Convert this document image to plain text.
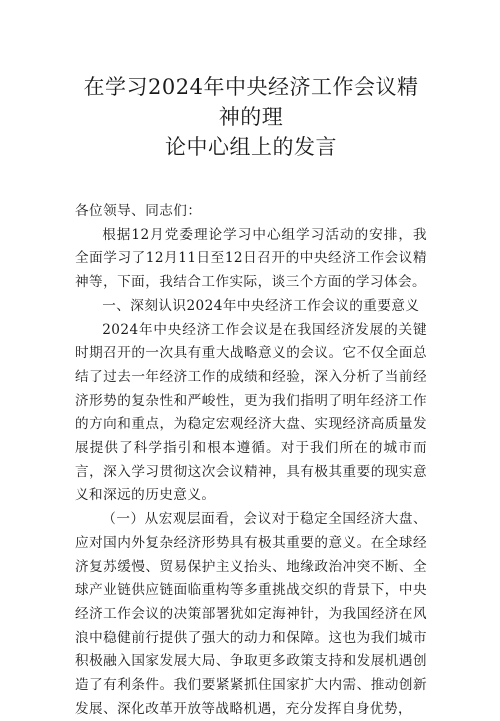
在学习2024年中央经济工作会议精神的理
论中心组上的发言

各位领导、同志们：

根据12月党委理论学习中心组学习活动的安排，我全面学习了12月11日至12日召开的中央经济工作会议精神等，下面，我结合工作实际，谈三个方面的学习体会。

一、深刻认识2024年中央经济工作会议的重要意义

2024年中央经济工作会议是在我国经济发展的关键时期召开的一次具有重大战略意义的会议。它不仅全面总结了过去一年经济工作的成绩和经验，深入分析了当前经济形势的复杂性和严峻性，更为我们指明了明年经济工作的方向和重点，为稳定宏观经济大盘、实现经济高质量发展提供了科学指引和根本遵循。对于我们所在的城市而言，深入学习贯彻这次会议精神，具有极其重要的现实意义和深远的历史意义。

（一）从宏观层面看，会议对于稳定全国经济大盘、应对国内外复杂经济形势具有极其重要的意义。在全球经济复苏缓慢、贸易保护主义抬头、地缘政治冲突不断、全球产业链供应链面临重构等多重挑战交织的背景下，中央经济工作会议的决策部署犹如定海神针，为我国经济在风浪中稳健前行提供了强大的动力和保障。这也为我们城市积极融入国家发展大局、争取更多政策支持和发展机遇创造了有利条件。我们要紧紧抓住国家扩大内需、推动创新发展、深化改革开放等战略机遇，充分发挥自身优势，
